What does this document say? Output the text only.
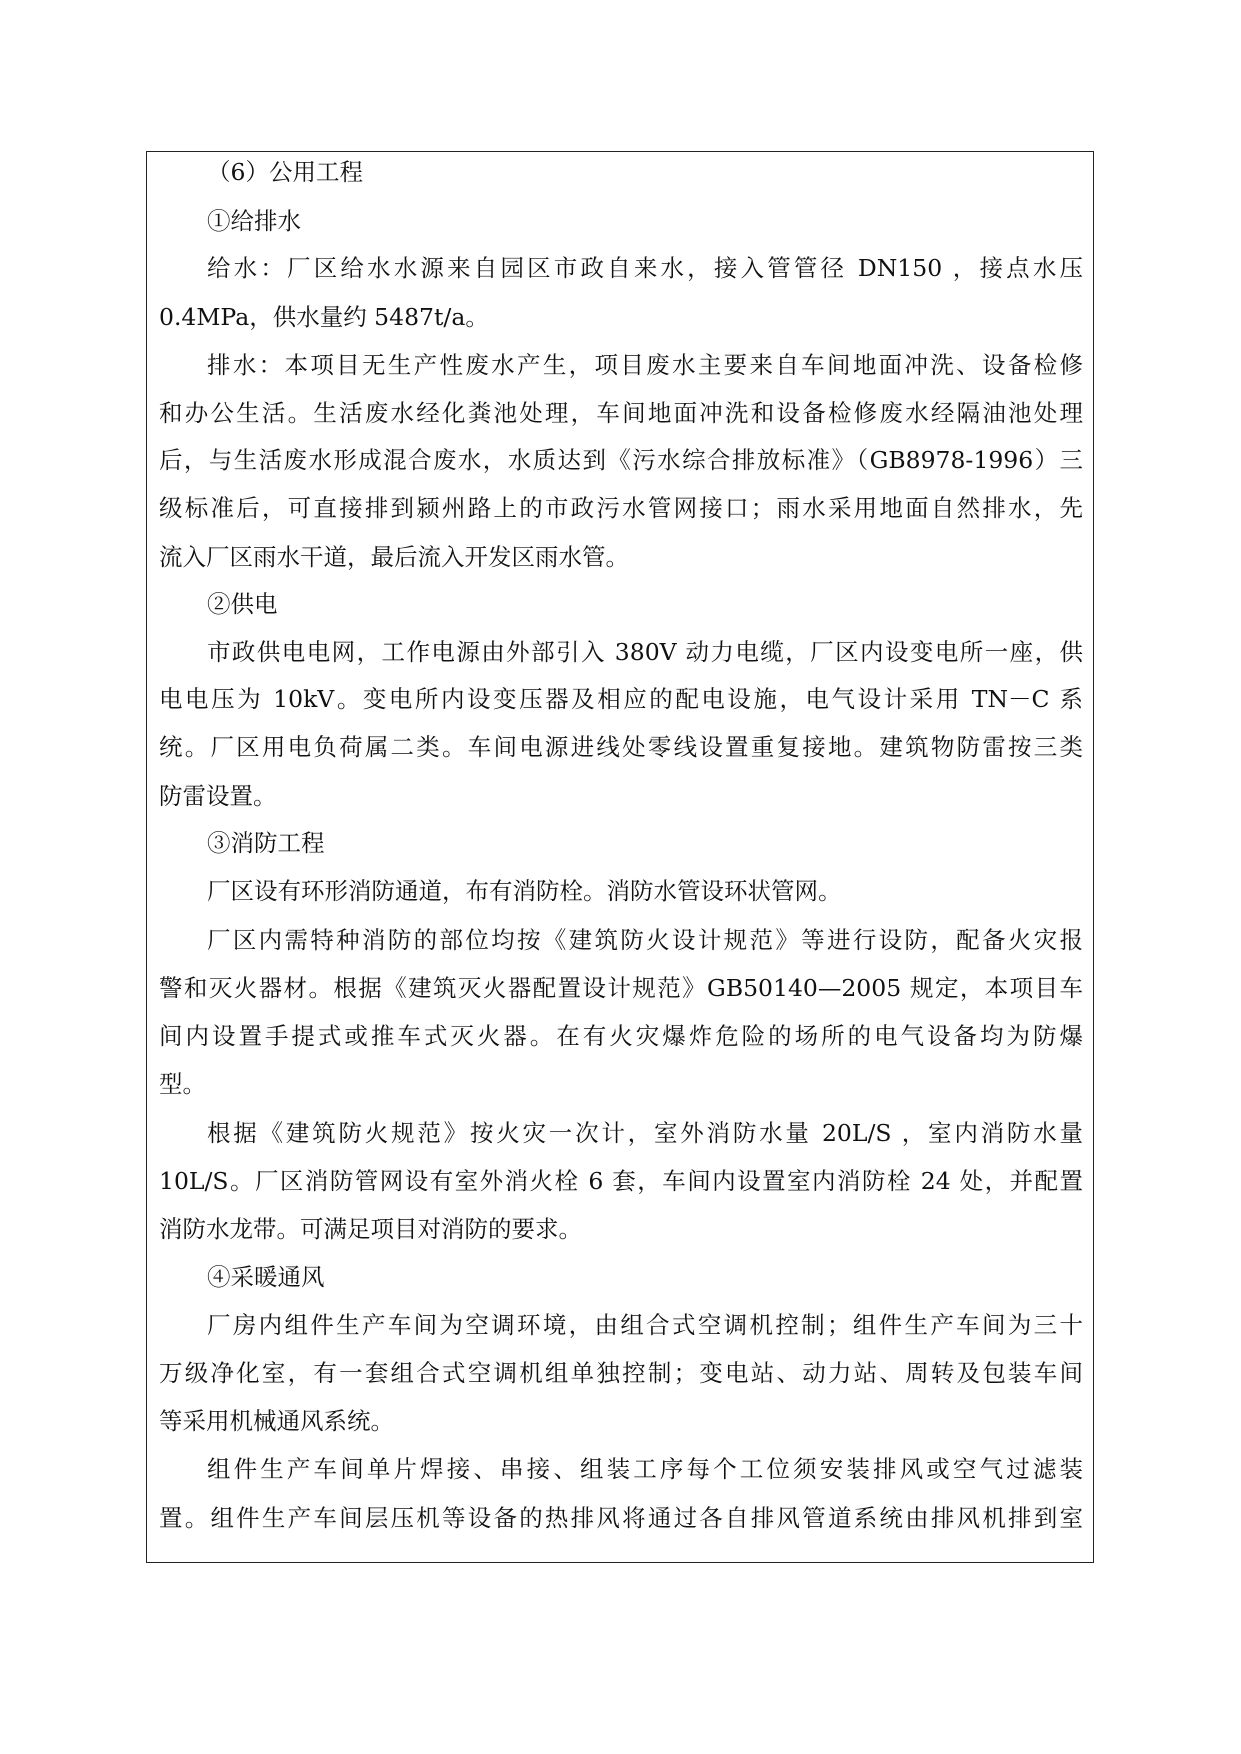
（6）公用工程
①给排水
给水：厂区给水水源来自园区市政自来水，接入管管径 DN150 ，接点水压
0.4MPa，供水量约 5487t/a。
排水：本项目无生产性废水产生，项目废水主要来自车间地面冲洗、设备检修
和办公生活。生活废水经化粪池处理，车间地面冲洗和设备检修废水经隔油池处理
后，与生活废水形成混合废水，水质达到《污水综合排放标准》（GB8978-1996）三
级标准后，可直接排到颍州路上的市政污水管网接口；雨水采用地面自然排水，先
流入厂区雨水干道，最后流入开发区雨水管。
②供电
市政供电电网，工作电源由外部引入 380V 动力电缆，厂区内设变电所一座，供
电电压为 10kV。变电所内设变压器及相应的配电设施，电气设计采用 TN－C 系
统。厂区用电负荷属二类。车间电源进线处零线设置重复接地。建筑物防雷按三类
防雷设置。
③消防工程
厂区设有环形消防通道，布有消防栓。消防水管设环状管网。
厂区内需特种消防的部位均按《建筑防火设计规范》等进行设防，配备火灾报
警和灭火器材。根据《建筑灭火器配置设计规范》GB50140—2005 规定，本项目车
间内设置手提式或推车式灭火器。在有火灾爆炸危险的场所的电气设备均为防爆
型。
根据《建筑防火规范》按火灾一次计，室外消防水量 20L/S ，室内消防水量
10L/S。厂区消防管网设有室外消火栓 6 套，车间内设置室内消防栓 24 处，并配置
消防水龙带。可满足项目对消防的要求。
④采暖通风
厂房内组件生产车间为空调环境，由组合式空调机控制；组件生产车间为三十
万级净化室，有一套组合式空调机组单独控制；变电站、动力站、周转及包装车间
等采用机械通风系统。
组件生产车间单片焊接、串接、组装工序每个工位须安装排风或空气过滤装
置。组件生产车间层压机等设备的热排风将通过各自排风管道系统由排风机排到室
